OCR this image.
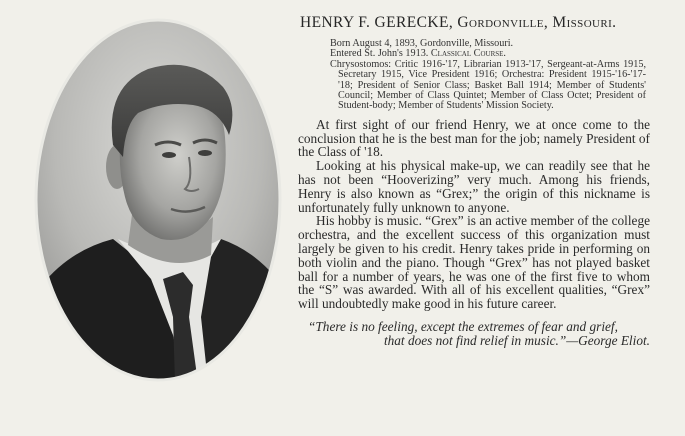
HENRY F. GERECKE, Gordonville, Missouri.
Born August 4, 1893, Gordonville, Missouri.
Entered St. John's 1913. Classical Course.
Chrysostomos: Critic 1916-'17, Librarian 1913-'17, Sergeant-at-Arms 1915, Secretary 1915, Vice President 1916; Orchestra: President 1915-'16-'17-'18; President of Senior Class; Basket Ball 1914; Member of Students' Council; Member of Class Quintet; Member of Class Octet; President of Student-body; Member of Students' Mission Society.

At first sight of our friend Henry, we at once come to the conclusion that he is the best man for the job; namely President of the Class of '18.

Looking at his physical make-up, we can readily see that he has not been “Hooverizing” very much. Among his friends, Henry is also known as “Grex;” the origin of this nickname is unfortunately fully unknown to anyone.

His hobby is music. “Grex” is an active member of the college orchestra, and the excellent success of this organization must largely be given to his credit. Henry takes pride in performing on both violin and the piano. Though “Grex” has not played basket ball for a number of years, he was one of the first five to whom the “S” was awarded. With all of his excellent qualities, “Grex” will undoubtedly make good in his future career.

“There is no feeling, except the extremes of fear and grief,
that does not find relief in music.”—George Eliot.
